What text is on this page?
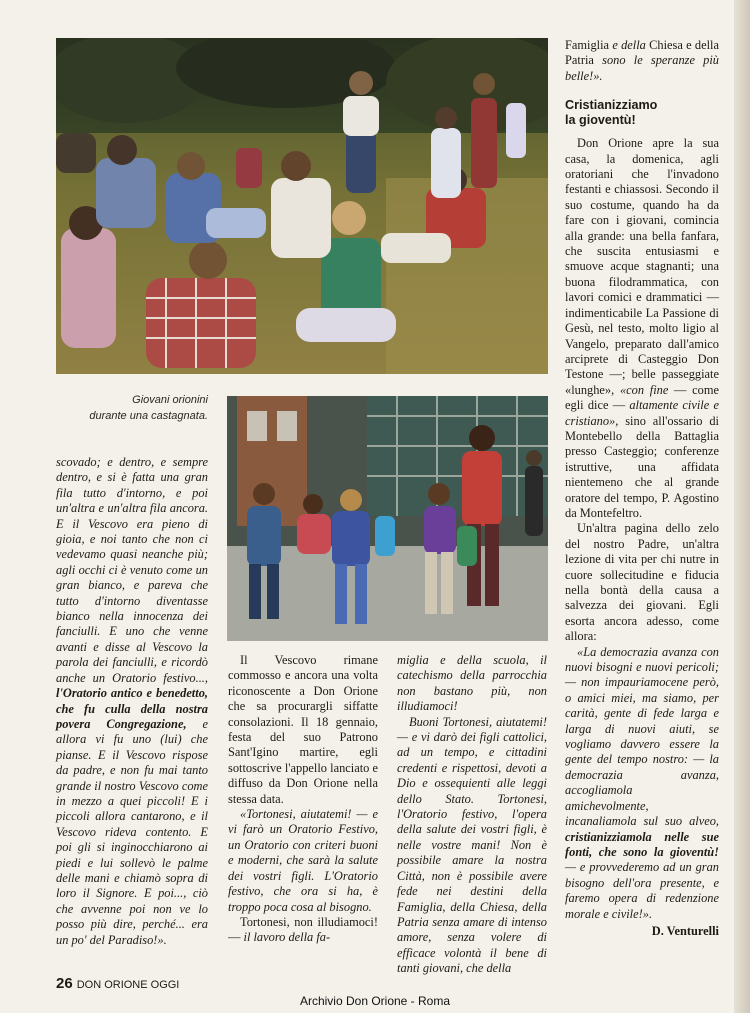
Giovani orionini
durante una castagnata.

scovado; e dentro, e sempre dentro, e si è fatta una gran fila tutto d'intorno, e poi un'altra e un'altra fila ancora. E il Vescovo era pieno di gioia, e noi tanto che non ci vedevamo quasi neanche più; agli occhi ci è venuto come un gran bianco, e pareva che tutto d'intorno diventasse bianco nella innocenza dei fanciulli. E uno che venne avanti e disse al Vescovo la parola dei fanciulli, e ricordò anche un Oratorio festivo..., l'Oratorio antico e benedetto, che fu culla della nostra povera Congregazione, e allora vi fu uno (lui) che pianse. E il Vescovo rispose da padre, e non fu mai tanto grande il nostro Vescovo come in mezzo a quei piccoli! E i piccoli allora cantarono, e il Vescovo rideva contento. E poi gli si inginocchiarono ai piedi e lui sollevò le palme delle mani e chiamò sopra di loro il Signore. E poi..., ciò che avvenne poi non ve lo posso più dire, perché... era un po' del Paradiso!».

Il Vescovo rimane commosso e ancora una volta riconoscente a Don Orione che sa procurargli siffatte consolazioni. Il 18 gennaio, festa del suo Patrono Sant'Igino martire, egli sottoscrive l'appello lanciato e diffuso da Don Orione nella stessa data.

«Tortonesi, aiutatemi! — e vi farò un Oratorio Festivo, un Oratorio con criteri buoni e moderni, che sarà la salute dei vostri figli. L'Oratorio festivo, che ora si ha, è troppo poca cosa al bisogno.

Tortonesi, non illudiamoci! — il lavoro della fa-

miglia e della scuola, il catechismo della parrocchia non bastano più, non illudiamoci!

Buoni Tortonesi, aiutatemi! — e vi darò dei figli cattolici, ad un tempo, e cittadini credenti e rispettosi, devoti a Dio e ossequienti alle leggi dello Stato. Tortonesi, l'Oratorio festivo, l'opera della salute dei vostri figli, è nelle vostre mani! Non è possibile amare la nostra Città, non è possibile avere fede nei destini della Famiglia, della Chiesa, della Patria senza amare di intenso amore, senza volere di efficace volontà il bene di tanti giovani, che della

Famiglia e della Chiesa e della Patria sono le speranze più belle!».

Cristianizziamo
la gioventù!

Don Orione apre la sua casa, la domenica, agli oratoriani che l'invadono festanti e chiassosi. Secondo il suo costume, quando ha da fare con i giovani, comincia alla grande: una bella fanfara, che suscita entusiasmi e smuove acque stagnanti; una buona filodrammatica, con lavori comici e drammatici — indimenticabile La Passione di Gesù, nel testo, molto ligio al Vangelo, preparato dall'amico arciprete di Casteggio Don Testone —; belle passeggiate «lunghe», «con fine — come egli dice — altamente civile e cristiano», sino all'ossario di Montebello della Battaglia presso Casteggio; conferenze istruttive, una affidata nientemeno che al grande oratore del tempo, P. Agostino da Montefeltro.

Un'altra pagina dello zelo del nostro Padre, un'altra lezione di vita per chi nutre in cuore sollecitudine e fiducia nella bontà della causa a salvezza dei giovani. Egli esorta ancora adesso, come allora:

«La democrazia avanza con nuovi bisogni e nuovi pericoli; — non impauriamocene però, o amici miei, ma siamo, per carità, gente di fede larga e larga di nuovi aiuti, se vogliamo davvero essere la gente del tempo nostro: — la democrazia avanza, accogliamola amichevolmente, incanaliamola sul suo alveo, cristianizziamola nelle sue fonti, che sono la gioventù! — e provvederemo ad un gran bisogno dell'ora presente, e faremo opera di redenzione morale e civile!».

D. Venturelli

26 DON ORIONE OGGI
Archivio Don Orione - Roma
